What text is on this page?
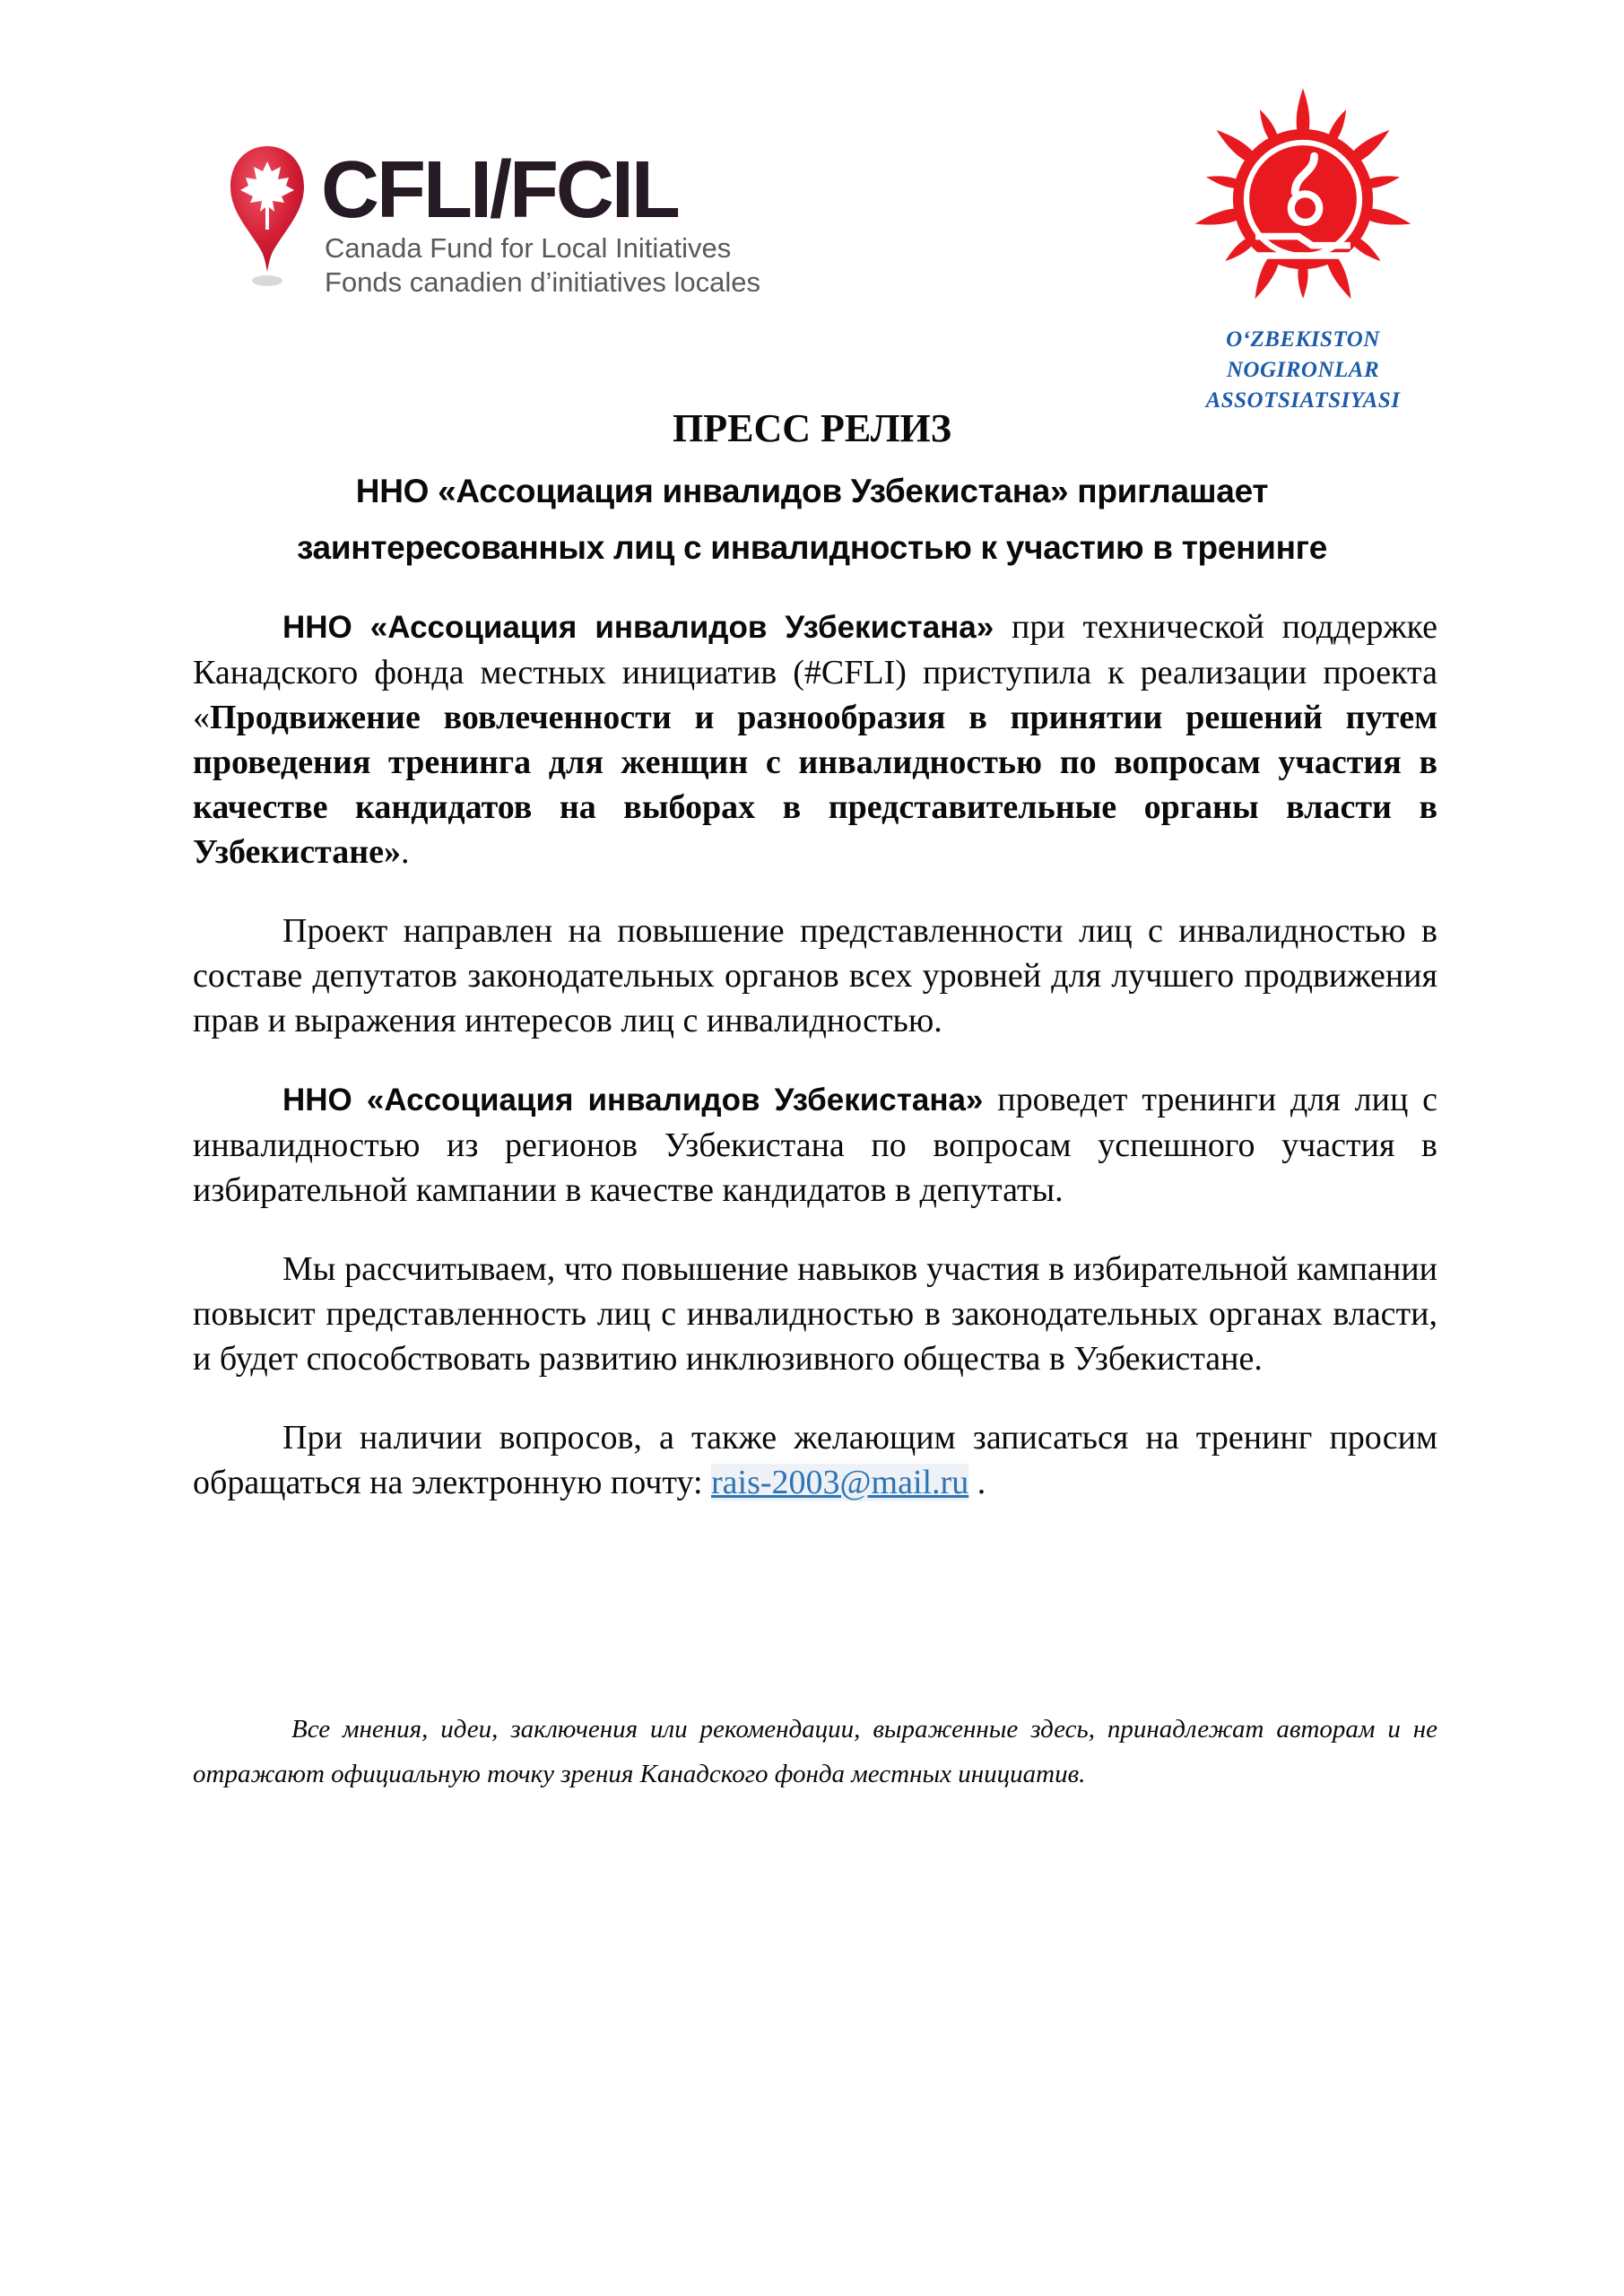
CFLI/FCIL
Canada Fund for Local Initiatives
Fonds canadien d’initiatives locales
O‘ZBEKISTON NOGIRONLAR
ASSOTSIATSIYASI
ПРЕСС РЕЛИЗ
ННО «Ассоциация инвалидов Узбекистана» приглашает
заинтересованных лиц с инвалидностью к участию в тренинге

ННО «Ассоциация инвалидов Узбекистана» при технической поддержке Канадского фонда местных инициатив (#CFLI) приступила к реализации проекта «Продвижение вовлеченности и разнообразия в принятии решений путем проведения тренинга для женщин с инвалидностью по вопросам участия в качестве кандидатов на выборах в представительные органы власти в Узбекистане».

Проект направлен на повышение представленности лиц с инвалидностью в составе депутатов законодательных органов всех уровней для лучшего продвижения прав и выражения интересов лиц с инвалидностью.

ННО «Ассоциация инвалидов Узбекистана» проведет тренинги для лиц с инвалидностью из регионов Узбекистана по вопросам успешного участия в избирательной кампании в качестве кандидатов в депутаты.

Мы рассчитываем, что повышение навыков участия в избирательной кампании повысит представленность лиц с инвалидностью в законодательных органах власти, и будет способствовать развитию инклюзивного общества в Узбекистане.

При наличии вопросов, а также желающим записаться на тренинг просим обращаться на электронную почту: rais-2003@mail.ru .

Все мнения, идеи, заключения или рекомендации, выраженные здесь, принадлежат авторам и не отражают официальную точку зрения Канадского фонда местных инициатив.
